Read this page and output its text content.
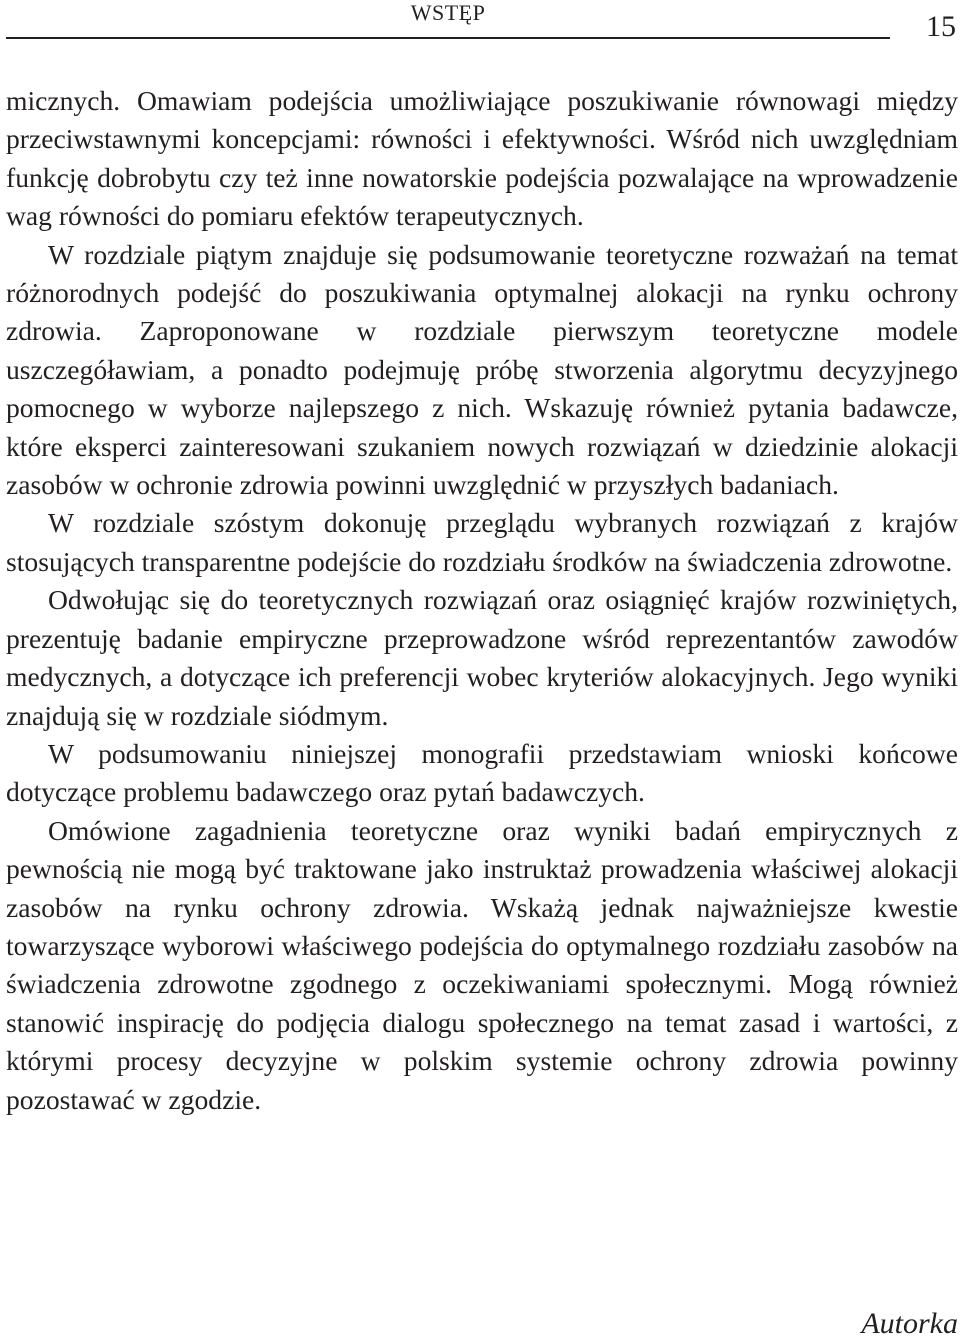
WSTĘP	15

micznych. Omawiam podejścia umożliwiające poszukiwanie równowagi między przeciwstawnymi koncepcjami: równości i efektywności. Wśród nich uwzględniam funkcję dobrobytu czy też inne nowatorskie podejścia pozwalające na wprowadzenie wag równości do pomiaru efektów terapeutycznych.

W rozdziale piątym znajduje się podsumowanie teoretyczne rozważań na temat różnorodnych podejść do poszukiwania optymalnej alokacji na rynku ochrony zdrowia. Zaproponowane w rozdziale pierwszym teoretyczne modele uszczegóławiam, a ponadto podejmuję próbę stworzenia algorytmu decyzyjnego pomocnego w wyborze najlepszego z nich. Wskazuję również pytania badawcze, które eksperci zainteresowani szukaniem nowych rozwiązań w dziedzinie alokacji zasobów w ochronie zdrowia powinni uwzględnić w przyszłych badaniach.

W rozdziale szóstym dokonuję przeglądu wybranych rozwiązań z krajów stosujących transparentne podejście do rozdziału środków na świadczenia zdrowotne.

Odwołując się do teoretycznych rozwiązań oraz osiągnięć krajów rozwiniętych, prezentuję badanie empiryczne przeprowadzone wśród reprezentantów zawodów medycznych, a dotyczące ich preferencji wobec kryteriów alokacyjnych. Jego wyniki znajdują się w rozdziale siódmym.

W podsumowaniu niniejszej monografii przedstawiam wnioski końcowe dotyczące problemu badawczego oraz pytań badawczych.

Omówione zagadnienia teoretyczne oraz wyniki badań empirycznych z pewnością nie mogą być traktowane jako instruktaż prowadzenia właściwej alokacji zasobów na rynku ochrony zdrowia. Wskażą jednak najważniejsze kwestie towarzyszące wyborowi właściwego podejścia do optymalnego rozdziału zasobów na świadczenia zdrowotne zgodnego z oczekiwaniami społecznymi. Mogą również stanowić inspirację do podjęcia dialogu społecznego na temat zasad i wartości, z którymi procesy decyzyjne w polskim systemie ochrony zdrowia powinny pozostawać w zgodzie.

Autorka
